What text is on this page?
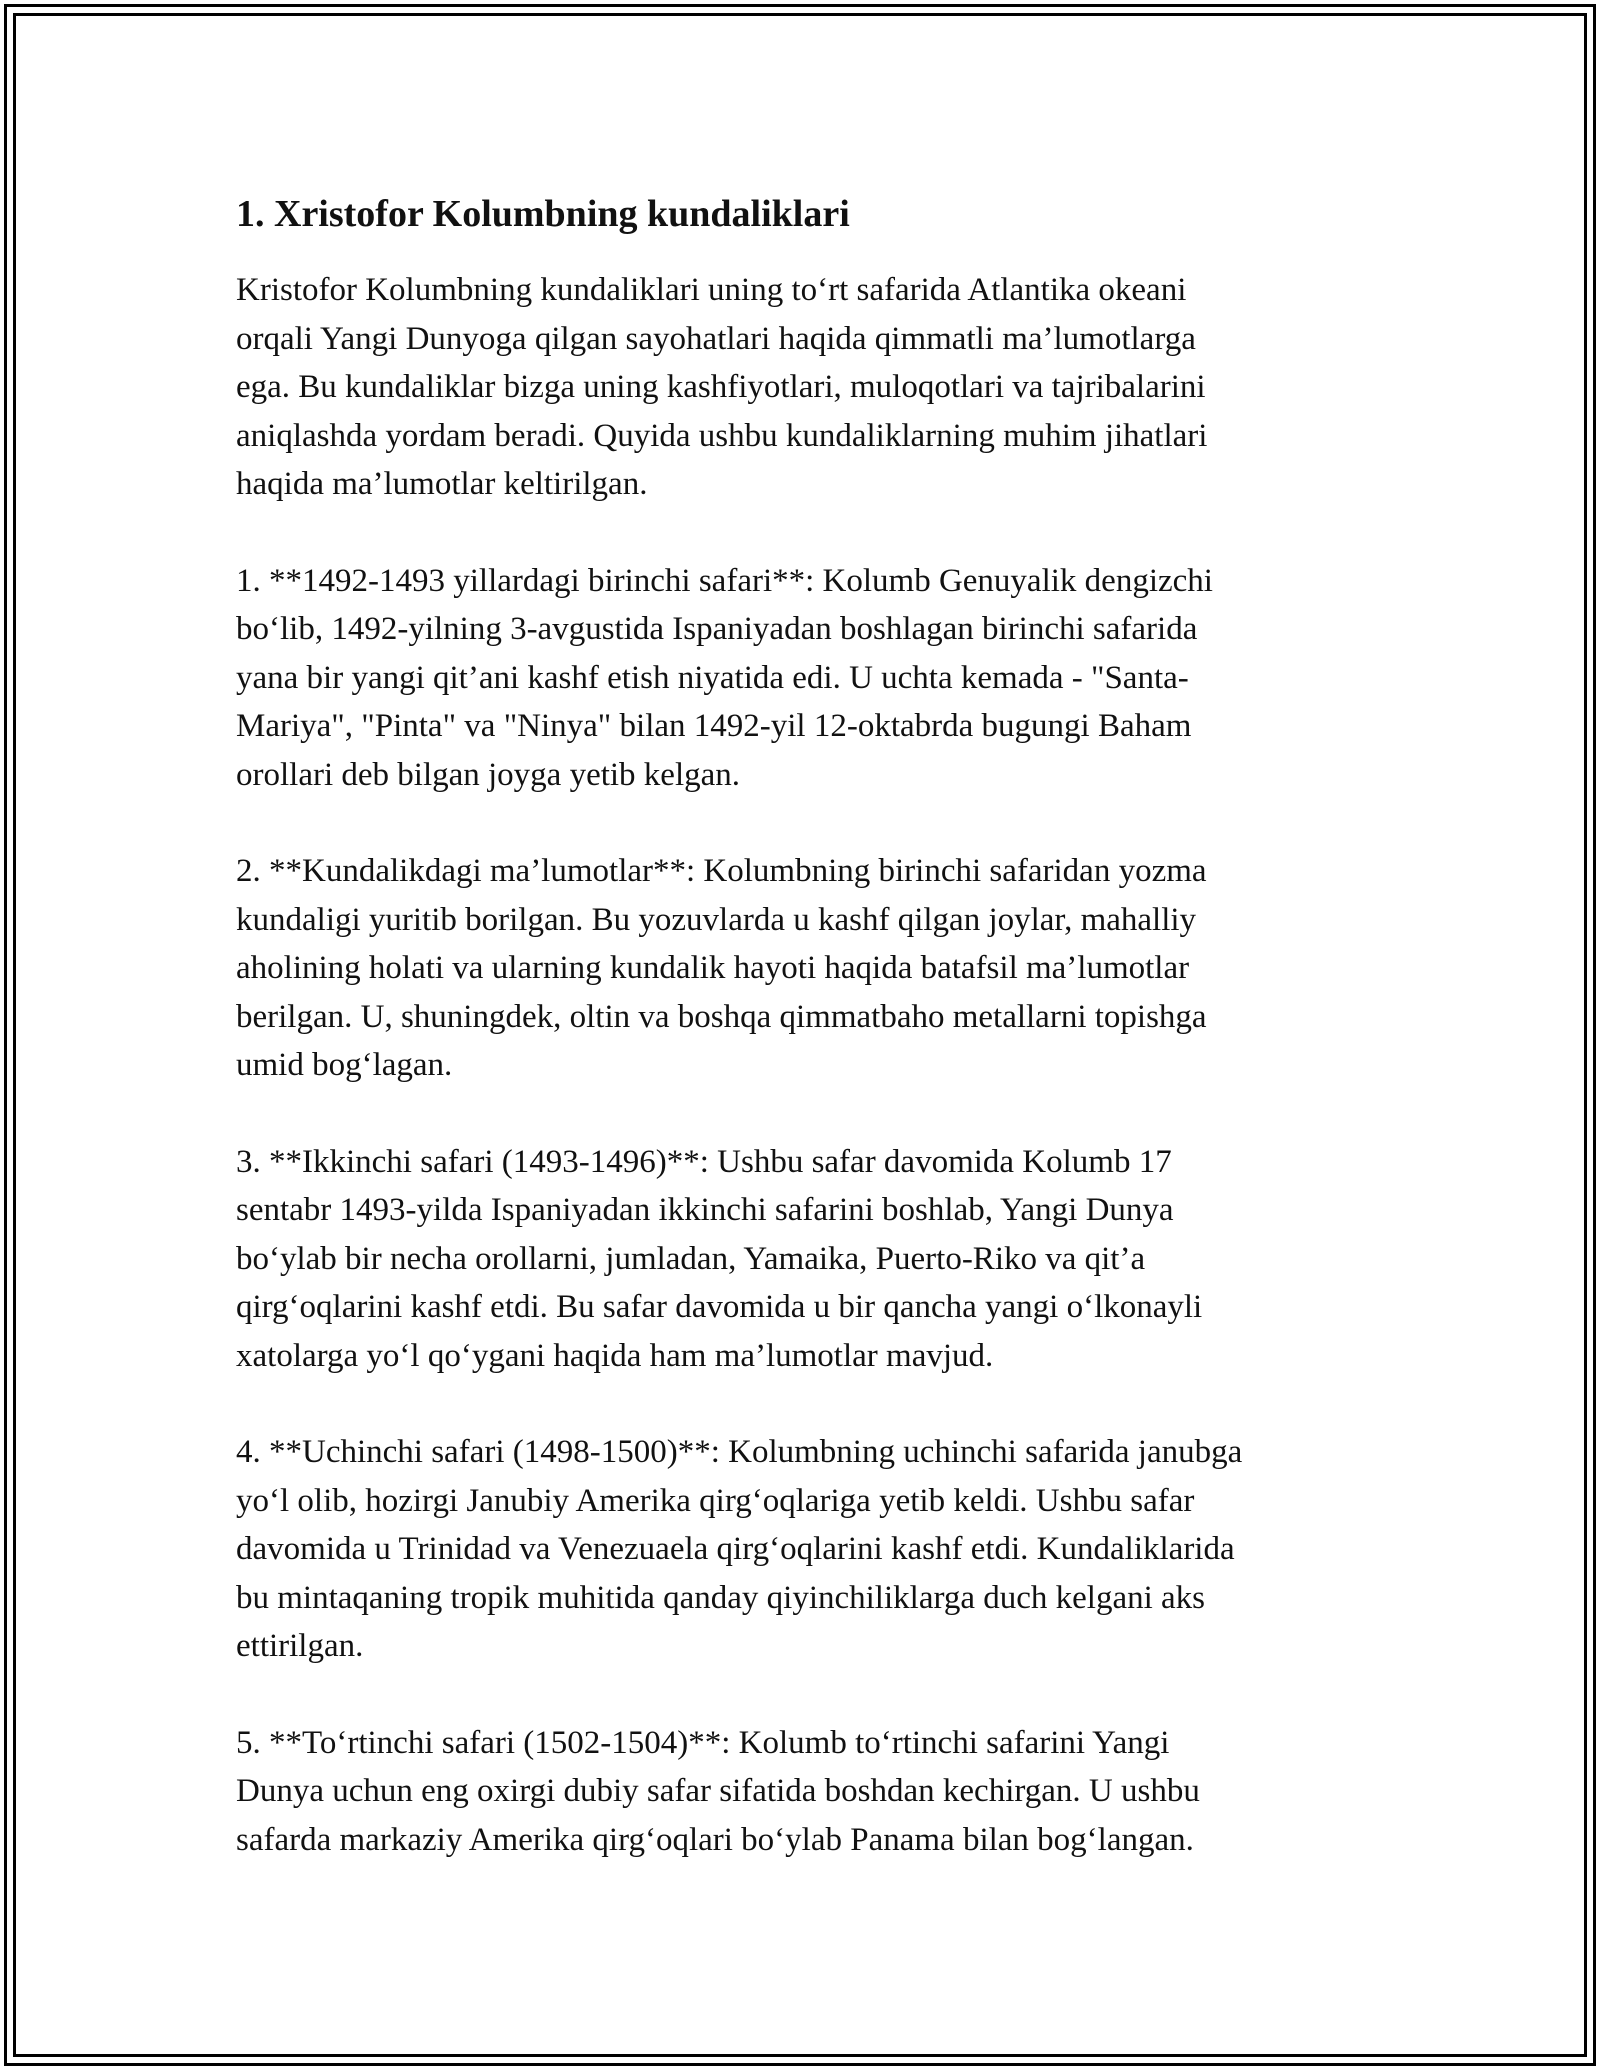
1. Xristofor Kolumbning kundaliklari

Kristofor Kolumbning kundaliklari uning to‘rt safarida Atlantika okeani
orqali Yangi Dunyoga qilgan sayohatlari haqida qimmatli ma’lumotlarga
ega. Bu kundaliklar bizga uning kashfiyotlari, muloqotlari va tajribalarini
aniqlashda yordam beradi. Quyida ushbu kundaliklarning muhim jihatlari
haqida ma’lumotlar keltirilgan.

1. **1492-1493 yillardagi birinchi safari**: Kolumb Genuyalik dengizchi
bo‘lib, 1492-yilning 3-avgustida Ispaniyadan boshlagan birinchi safarida
yana bir yangi qit’ani kashf etish niyatida edi. U uchta kemada - "Santa-
Mariya", "Pinta" va "Ninya" bilan 1492-yil 12-oktabrda bugungi Baham
orollari deb bilgan joyga yetib kelgan.

2. **Kundalikdagi ma’lumotlar**: Kolumbning birinchi safaridan yozma
kundaligi yuritib borilgan. Bu yozuvlarda u kashf qilgan joylar, mahalliy
aholining holati va ularning kundalik hayoti haqida batafsil ma’lumotlar
berilgan. U, shuningdek, oltin va boshqa qimmatbaho metallarni topishga
umid bog‘lagan.

3. **Ikkinchi safari (1493-1496)**: Ushbu safar davomida Kolumb 17
sentabr 1493-yilda Ispaniyadan ikkinchi safarini boshlab, Yangi Dunya
bo‘ylab bir necha orollarni, jumladan, Yamaika, Puerto-Riko va qit’a
qirg‘oqlarini kashf etdi. Bu safar davomida u bir qancha yangi o‘lkonayli
xatolarga yo‘l qo‘ygani haqida ham ma’lumotlar mavjud.

4. **Uchinchi safari (1498-1500)**: Kolumbning uchinchi safarida janubga
yo‘l olib, hozirgi Janubiy Amerika qirg‘oqlariga yetib keldi. Ushbu safar
davomida u Trinidad va Venezuaela qirg‘oqlarini kashf etdi. Kundaliklarida
bu mintaqaning tropik muhitida qanday qiyinchiliklarga duch kelgani aks
ettirilgan.

5. **To‘rtinchi safari (1502-1504)**: Kolumb to‘rtinchi safarini Yangi
Dunya uchun eng oxirgi dubiy safar sifatida boshdan kechirgan. U ushbu
safarda markaziy Amerika qirg‘oqlari bo‘ylab Panama bilan bog‘langan.
